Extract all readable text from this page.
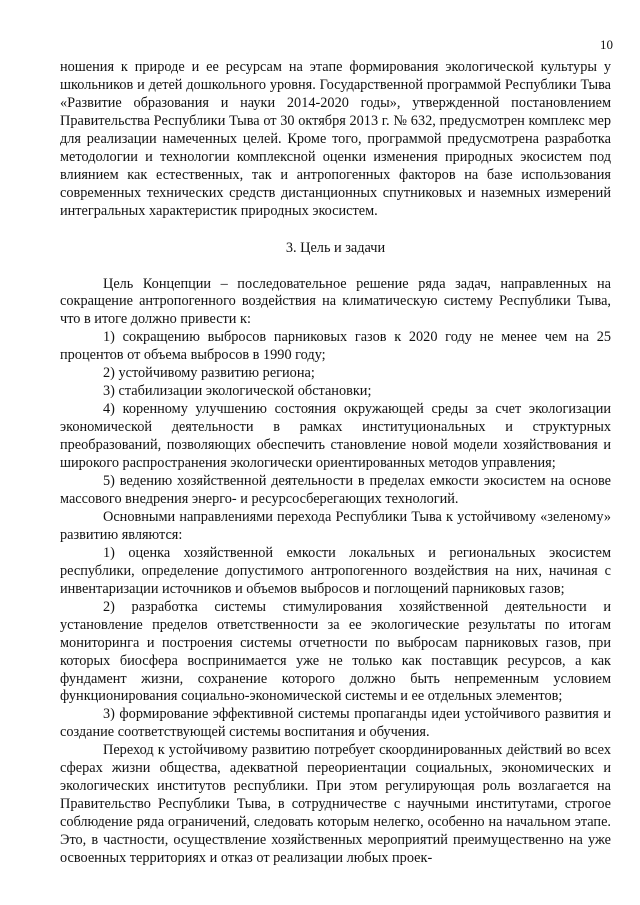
10

ношения к природе и ее ресурсам на этапе формирования экологической культуры у школьников и детей дошкольного уровня. Государственной программой Республики Тыва «Развитие образования и науки 2014-2020 годы», утвержденной постановлением Правительства Республики Тыва от 30 октября 2013 г. № 632, предусмотрен комплекс мер для реализации намеченных целей. Кроме того, программой предусмотрена разработка методологии и технологии комплексной оценки изменения природных экосистем под влиянием как естественных, так и антропогенных факторов на базе использования современных технических средств дистанционных спутниковых и наземных измерений интегральных характеристик природных экосистем.

3. Цель и задачи

Цель Концепции – последовательное решение ряда задач, направленных на сокращение антропогенного воздействия на климатическую систему Республики Тыва, что в итоге должно привести к:

1) сокращению выбросов парниковых газов к 2020 году не менее чем на 25 процентов от объема выбросов в 1990 году;

2) устойчивому развитию региона;

3) стабилизации экологической обстановки;

4) коренному улучшению состояния окружающей среды за счет экологизации экономической деятельности в рамках институциональных и структурных преобразований, позволяющих обеспечить становление новой модели хозяйствования и широкого распространения экологически ориентированных методов управления;

5) ведению хозяйственной деятельности в пределах емкости экосистем на основе массового внедрения энерго- и ресурсосберегающих технологий.

Основными направлениями перехода Республики Тыва к устойчивому «зеленому» развитию являются:

1) оценка хозяйственной емкости локальных и региональных экосистем республики, определение допустимого антропогенного воздействия на них, начиная с инвентаризации источников и объемов выбросов и поглощений парниковых газов;

2) разработка системы стимулирования хозяйственной деятельности и установление пределов ответственности за ее экологические результаты по итогам мониторинга и построения системы отчетности по выбросам парниковых газов, при которых биосфера воспринимается уже не только как поставщик ресурсов, а как фундамент жизни, сохранение которого должно быть непременным условием функционирования социально-экономической системы и ее отдельных элементов;

3) формирование эффективной системы пропаганды идеи устойчивого развития и создание соответствующей системы воспитания и обучения.

Переход к устойчивому развитию потребует скоординированных действий во всех сферах жизни общества, адекватной переориентации социальных, экономических и экологических институтов республики. При этом регулирующая роль возлагается на Правительство Республики Тыва, в сотрудничестве с научными институтами, строгое соблюдение ряда ограничений, следовать которым нелегко, особенно на начальном этапе. Это, в частности, осуществление хозяйственных мероприятий преимущественно на уже освоенных территориях и отказ от реализации любых проек-
